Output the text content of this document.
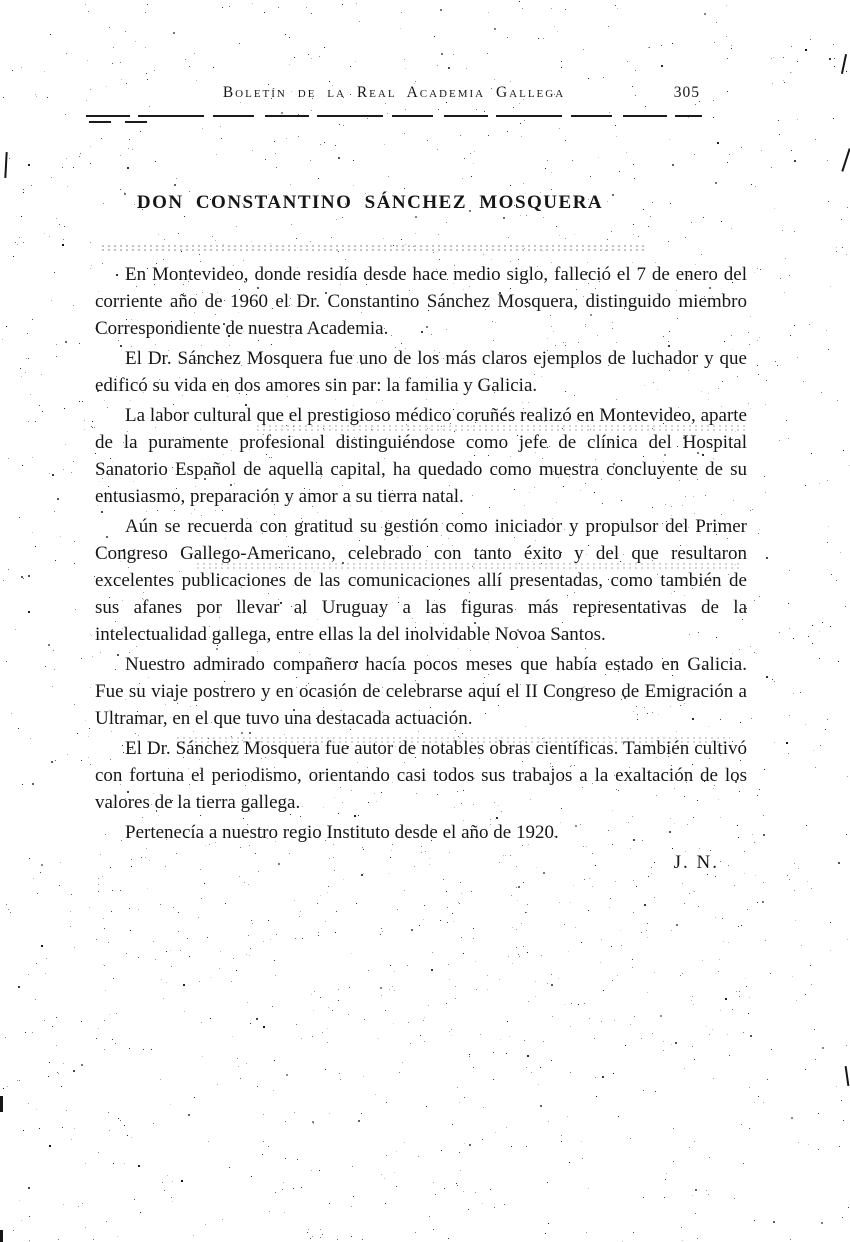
Boletín de la Real Academia Gallega	305
DON CONSTANTINO SÁNCHEZ MOSQUERA

En Montevideo, donde residía desde hace medio siglo, falleció el 7 de enero del corriente año de 1960 el Dr. Constantino Sánchez Mosquera, distinguido miembro Correspondiente de nuestra Academia.

El Dr. Sánchez Mosquera fue uno de los más claros ejemplos de luchador y que edificó su vida en dos amores sin par: la familia y Galicia.

La labor cultural que el prestigioso médico coruñés realizó en Montevideo, aparte de la puramente profesional distinguiéndose como jefe de clínica del Hospital Sanatorio Español de aquella capital, ha quedado como muestra concluyente de su entusiasmo, preparación y amor a su tierra natal.

Aún se recuerda con gratitud su gestión como iniciador y propulsor del Primer Congreso Gallego-Americano, celebrado con tanto éxito y del que resultaron excelentes publicaciones de las comunicaciones allí presentadas, como también de sus afanes por llevar al Uruguay a las figuras más representativas de la intelectualidad gallega, entre ellas la del inolvidable Novoa Santos.

Nuestro admirado compañero hacía pocos meses que había estado en Galicia. Fue su viaje postrero y en ocasión de celebrarse aquí el II Congreso de Emigración a Ultramar, en el que tuvo una destacada actuación.

El Dr. Sánchez Mosquera fue autor de notables obras científicas. También cultivó con fortuna el periodismo, orientando casi todos sus trabajos a la exaltación de los valores de la tierra gallega.

Pertenecía a nuestro regio Instituto desde el año de 1920.

J. N.
